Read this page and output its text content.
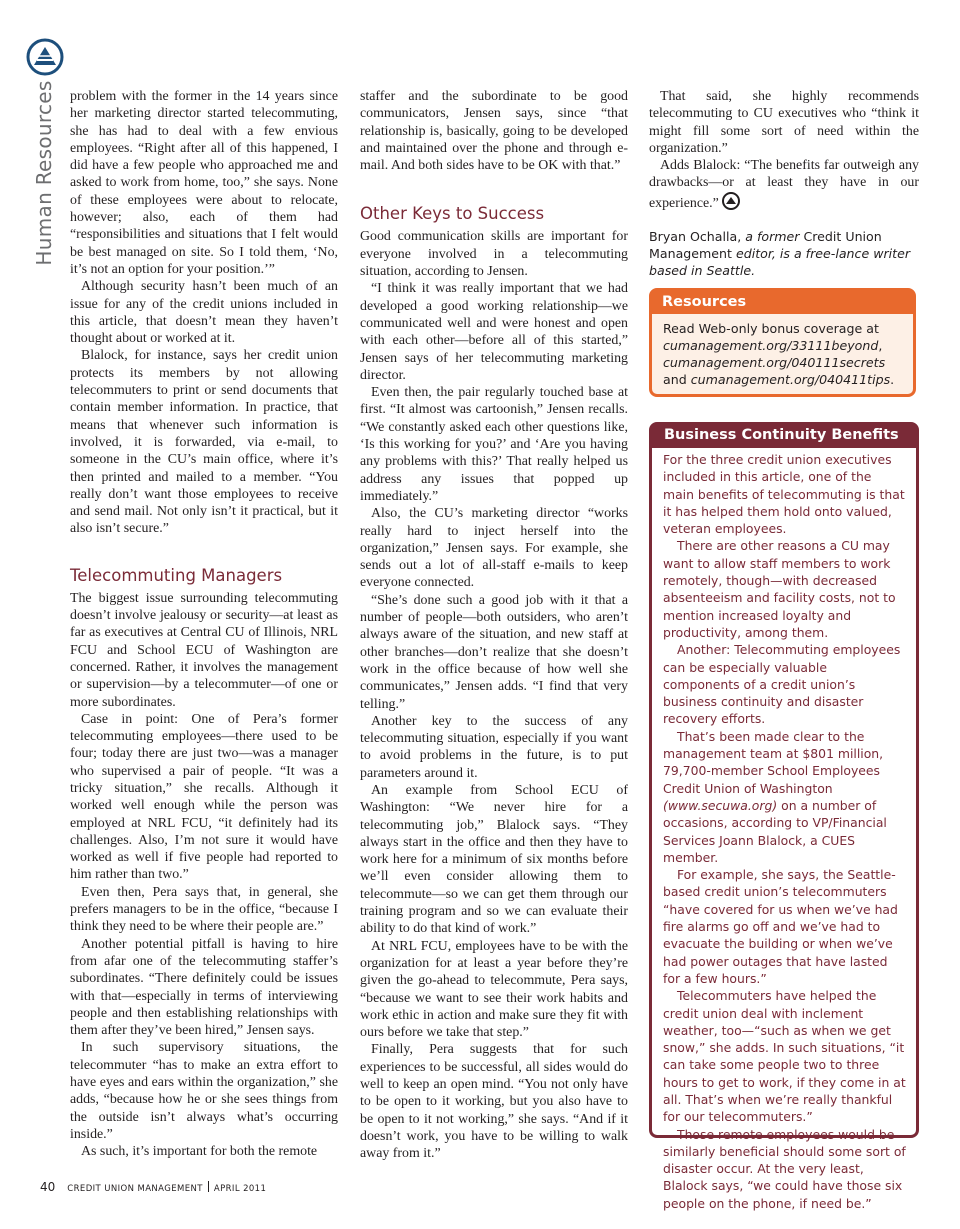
Human Resources problem with the former in the 14 years since her marketing director started telecommuting, she has had to deal with a few envious employees. “Right after all of this happened, I did have a few people who approached me and asked to work from home, too,” she says. None of these employees were about to relocate, however; also, each of them had “responsibilities and situations that I felt would be best managed on site. So I told them, ‘No, it’s not an option for your position.’”

Although security hasn’t been much of an issue for any of the credit unions included in this article, that doesn’t mean they haven’t thought about or worked at it.

Blalock, for instance, says her credit union protects its members by not allowing telecommuters to print or send documents that contain member information. In practice, that means that whenever such information is involved, it is forwarded, via e-mail, to someone in the CU’s main office, where it’s then printed and mailed to a member. “You really don’t want those employees to receive and send mail. Not only isn’t it practical, but it also isn’t secure.”

Telecommuting Managers

The biggest issue surrounding telecommuting doesn’t involve jealousy or security—at least as far as executives at Central CU of Illinois, NRL FCU and School ECU of Washington are concerned. Rather, it involves the management or supervision—by a telecommuter—of one or more subordinates.

Case in point: One of Pera’s former telecommuting employees—there used to be four; today there are just two—was a manager who supervised a pair of people. “It was a tricky situation,” she recalls. Although it worked well enough while the person was employed at NRL FCU, “it definitely had its challenges. Also, I’m not sure it would have worked as well if five people had reported to him rather than two.”

Even then, Pera says that, in general, she prefers managers to be in the office, “because I think they need to be where their people are.”

Another potential pitfall is having to hire from afar one of the telecommuting staffer’s subordinates. “There definitely could be issues with that—especially in terms of interviewing people and then establishing relationships with them after they’ve been hired,” Jensen says.

In such supervisory situations, the telecommuter “has to make an extra effort to have eyes and ears within the organization,” she adds, “because how he or she sees things from the outside isn’t always what’s occurring inside.”

As such, it’s important for both the remote

staffer and the subordinate to be good communicators, Jensen says, since “that relationship is, basically, going to be developed and maintained over the phone and through e-mail. And both sides have to be OK with that.”

Other Keys to Success

Good communication skills are important for everyone involved in a telecommuting situation, according to Jensen.

“I think it was really important that we had developed a good working relationship—we communicated well and were honest and open with each other—before all of this started,” Jensen says of her telecommuting marketing director.

Even then, the pair regularly touched base at first. “It almost was cartoonish,” Jensen recalls. “We constantly asked each other questions like, ‘Is this working for you?’ and ‘Are you having any problems with this?’ That really helped us address any issues that popped up immediately.”

Also, the CU’s marketing director “works really hard to inject herself into the organization,” Jensen says. For example, she sends out a lot of all-staff e-mails to keep everyone connected.

“She’s done such a good job with it that a number of people—both outsiders, who aren’t always aware of the situation, and new staff at other branches—don’t realize that she doesn’t work in the office because of how well she communicates,” Jensen adds. “I find that very telling.”

Another key to the success of any telecommuting situation, especially if you want to avoid problems in the future, is to put parameters around it.

An example from School ECU of Washington: “We never hire for a telecommuting job,” Blalock says. “They always start in the office and then they have to work here for a minimum of six months before we’ll even consider allowing them to telecommute—so we can get them through our training program and so we can evaluate their ability to do that kind of work.”

At NRL FCU, employees have to be with the organization for at least a year before they’re given the go-ahead to telecommute, Pera says, “because we want to see their work habits and work ethic in action and make sure they fit with ours before we take that step.”

Finally, Pera suggests that for such experiences to be successful, all sides would do well to keep an open mind. “You not only have to be open to it working, but you also have to be open to it not working,” she says. “And if it doesn’t work, you have to be willing to walk away from it.”

That said, she highly recommends telecommuting to CU executives who “think it might fill some sort of need within the organization.”

Adds Blalock: “The benefits far outweigh any drawbacks—or at least they have in our experience.”

Bryan Ochalla, a former Credit Union Management editor, is a free-lance writer based in Seattle.
Resources
Read Web-only bonus coverage at cumanagement.org/33111beyond, cumanagement.org/040111secrets and cumanagement.org/040411tips.
Business Continuity Benefits

For the three credit union executives included in this article, one of the main benefits of telecommuting is that it has helped them hold onto valued, veteran employees.

There are other reasons a CU may want to allow staff members to work remotely, though—with decreased absenteeism and facility costs, not to mention increased loyalty and productivity, among them.

Another: Telecommuting employees can be especially valuable components of a credit union’s business continuity and disaster recovery efforts.

That’s been made clear to the management team at $801 million, 79,700-member School Employees Credit Union of Washington (www.secuwa.org) on a number of occasions, according to VP/Financial Services Joann Blalock, a CUES member.

For example, she says, the Seattle-based credit union’s telecommuters “have covered for us when we’ve had fire alarms go off and we’ve had to evacuate the building or when we’ve had power outages that have lasted for a few hours.”

Telecommuters have helped the credit union deal with inclement weather, too—“such as when we get snow,” she adds. In such situations, “it can take some people two to three hours to get to work, if they come in at all. That’s when we’re really thankful for our telecommuters.”

Those remote employees would be similarly beneficial should some sort of disaster occur. At the very least, Blalock says, “we could have those six people on the phone, if need be.”

40 CREDIT UNION MANAGEMENT APRIL 2011
